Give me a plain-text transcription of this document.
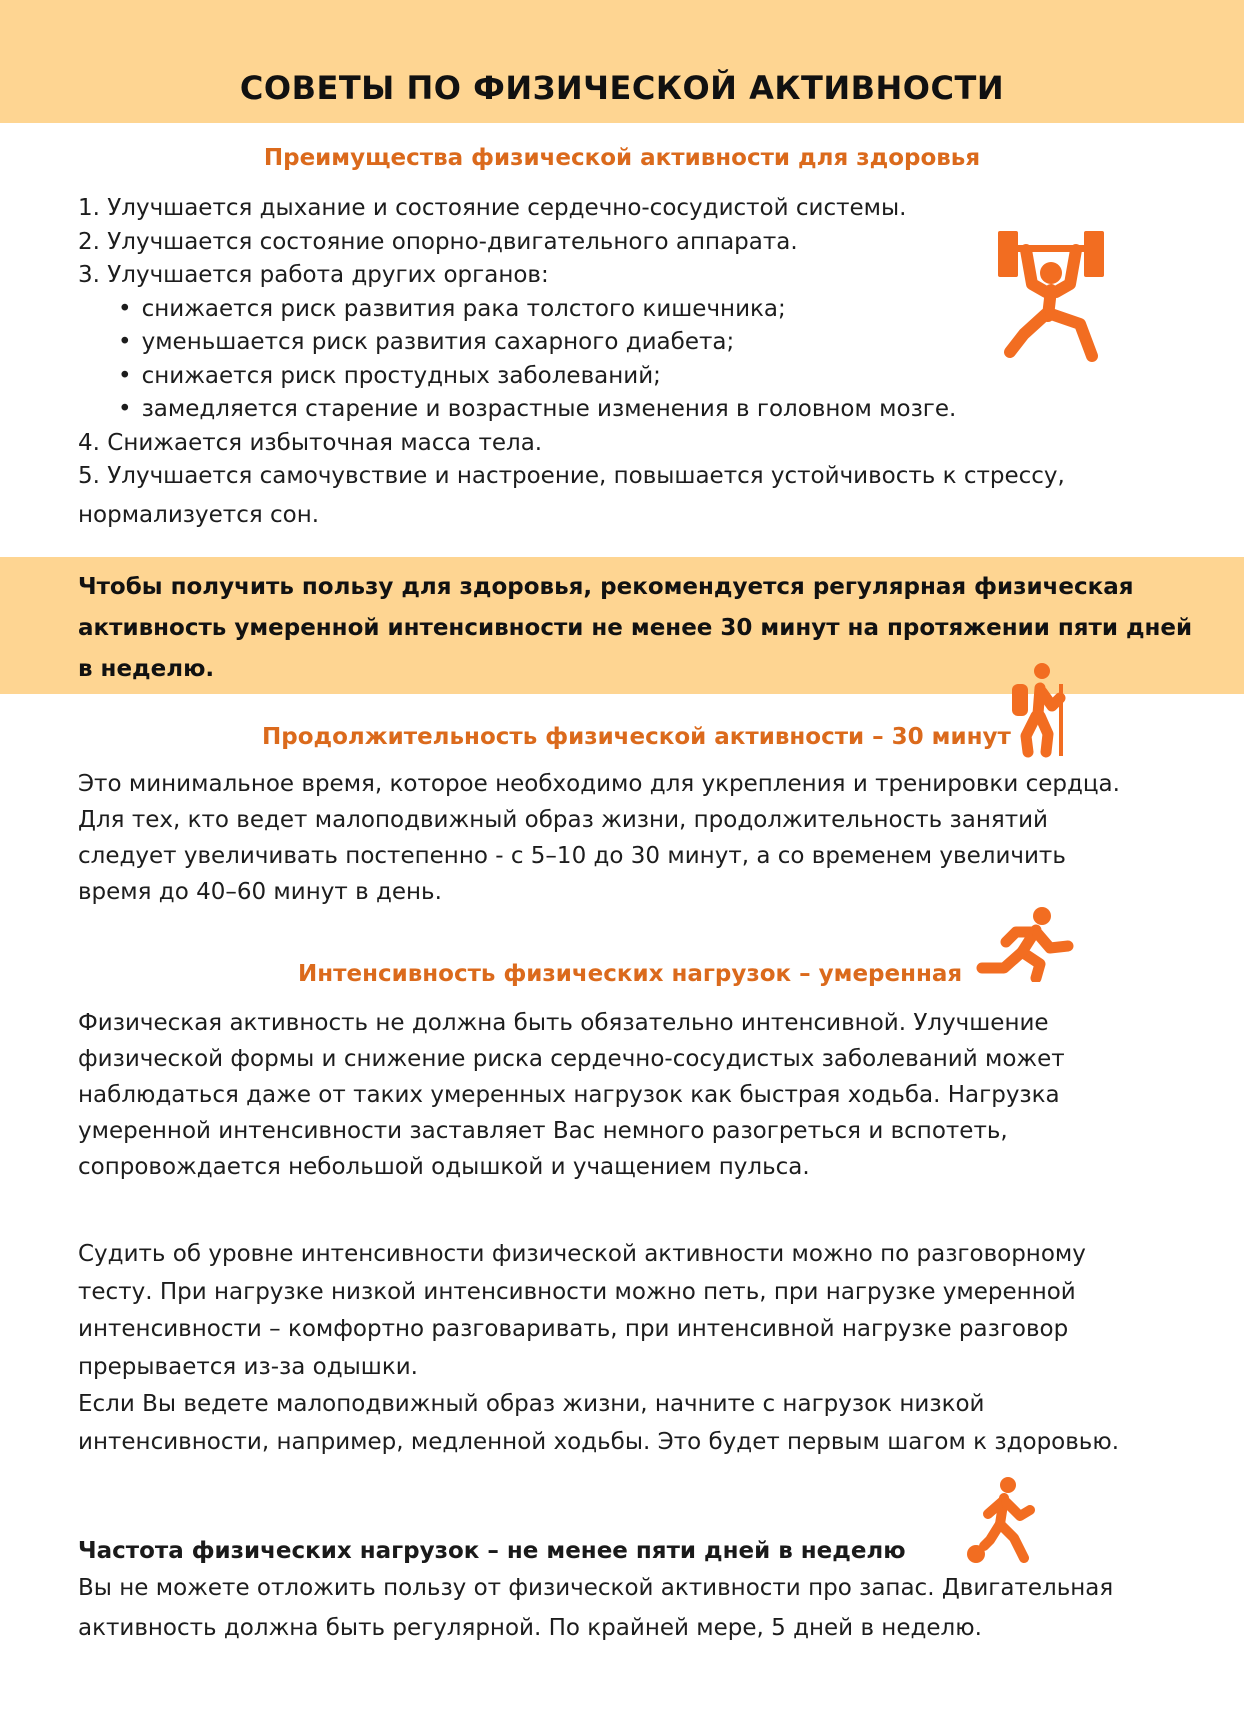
СОВЕТЫ ПО ФИЗИЧЕСКОЙ АКТИВНОСТИ
Преимущества физической активности для здоровья
1. Улучшается дыхание и состояние сердечно-сосудистой системы.
2. Улучшается состояние опорно-двигательного аппарата.
3. Улучшается работа других органов:
• снижается риск развития рака толстого кишечника;
• уменьшается риск развития сахарного диабета;
• снижается риск простудных заболеваний;
• замедляется старение и возрастные изменения в головном мозге.
4. Снижается избыточная масса тела.
5. Улучшается самочувствие и настроение, повышается устойчивость к стрессу,
нормализуется сон.
Чтобы получить пользу для здоровья, рекомендуется регулярная физическая
активность умеренной интенсивности не менее 30 минут на протяжении пяти дней
в неделю.
Продолжительность физической активности – 30 минут
Это минимальное время, которое необходимо для укрепления и тренировки сердца.
Для тех, кто ведет малоподвижный образ жизни, продолжительность занятий
следует увеличивать постепенно - с 5–10 до 30 минут, а со временем увеличить
время до 40–60 минут в день.
Интенсивность физических нагрузок – умеренная
Физическая активность не должна быть обязательно интенсивной. Улучшение
физической формы и снижение риска сердечно-сосудистых заболеваний может
наблюдаться даже от таких умеренных нагрузок как быстрая ходьба. Нагрузка
умеренной интенсивности заставляет Вас немного разогреться и вспотеть,
сопровождается небольшой одышкой и учащением пульса.
Судить об уровне интенсивности физической активности можно по разговорному
тесту. При нагрузке низкой интенсивности можно петь, при нагрузке умеренной
интенсивности – комфортно разговаривать, при интенсивной нагрузке разговор
прерывается из-за одышки.
Если Вы ведете малоподвижный образ жизни, начните с нагрузок низкой
интенсивности, например, медленной ходьбы. Это будет первым шагом к здоровью.
Частота физических нагрузок – не менее пяти дней в неделю
Вы не можете отложить пользу от физической активности про запас. Двигательная
активность должна быть регулярной. По крайней мере, 5 дней в неделю.
